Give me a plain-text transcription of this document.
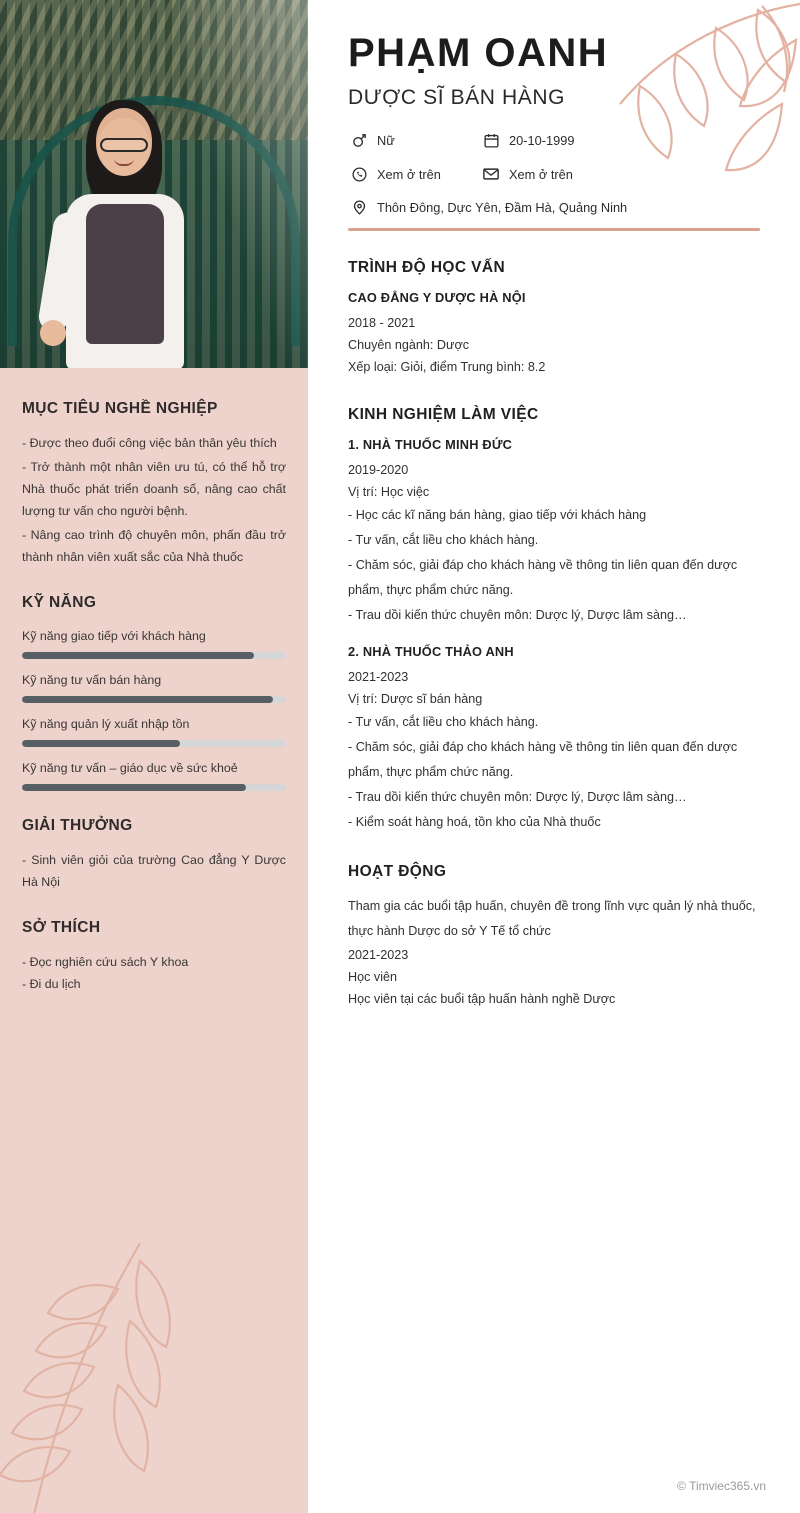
MỤC TIÊU NGHỀ NGHIỆP
- Được theo đuổi công việc bản thân yêu thích
- Trở thành một nhân viên ưu tú, có thể hỗ trợ Nhà thuốc phát triển doanh số, nâng cao chất lượng tư vấn cho người bệnh.
- Nâng cao trình độ chuyên môn, phấn đầu trở thành nhân viên xuất sắc của Nhà thuốc
KỸ NĂNG
Kỹ năng giao tiếp với khách hàng
Kỹ năng tư vấn bán hàng
Kỹ năng quản lý xuất nhập tồn
Kỹ năng tư vấn – giáo dục về sức khoẻ
GIẢI THƯỞNG
- Sinh viên giỏi của trường Cao đẳng Y Dược Hà Nội
SỞ THÍCH
- Đọc nghiên cứu sách Y khoa
- Đi du lịch
PHẠM OANH
DƯỢC SĨ BÁN HÀNG
Nữ	20-10-1999
Xem ở trên	Xem ở trên
Thôn Đông, Dực Yên, Đầm Hà, Quảng Ninh
TRÌNH ĐỘ HỌC VẤN
CAO ĐẲNG Y DƯỢC HÀ NỘI
2018 - 2021
Chuyên ngành: Dược
Xếp loại: Giỏi, điểm Trung bình: 8.2
KINH NGHIỆM LÀM VIỆC
1. NHÀ THUỐC MINH ĐỨC
2019-2020
Vị trí: Học việc
- Học các kĩ năng bán hàng, giao tiếp với khách hàng
- Tư vấn, cắt liều cho khách hàng.
- Chăm sóc, giải đáp cho khách hàng về thông tin liên quan đến dược phẩm, thực phẩm chức năng.
- Trau dồi kiến thức chuyên môn: Dược lý, Dược lâm sàng…
2. NHÀ THUỐC THẢO ANH
2021-2023
Vị trí: Dược sĩ bán hàng
- Tư vấn, cắt liều cho khách hàng.
- Chăm sóc, giải đáp cho khách hàng về thông tin liên quan đến dược phẩm, thực phẩm chức năng.
- Trau dồi kiến thức chuyên môn: Dược lý, Dược lâm sàng…
- Kiểm soát hàng hoá, tồn kho của Nhà thuốc
HOẠT ĐỘNG
Tham gia các buổi tập huấn, chuyên đề trong lĩnh vực quản lý nhà thuốc, thực hành Dược do sở Y Tế tổ chức
2021-2023
Học viên
Học viên tại các buổi tập huấn hành nghề Dược
© Timviec365.vn
